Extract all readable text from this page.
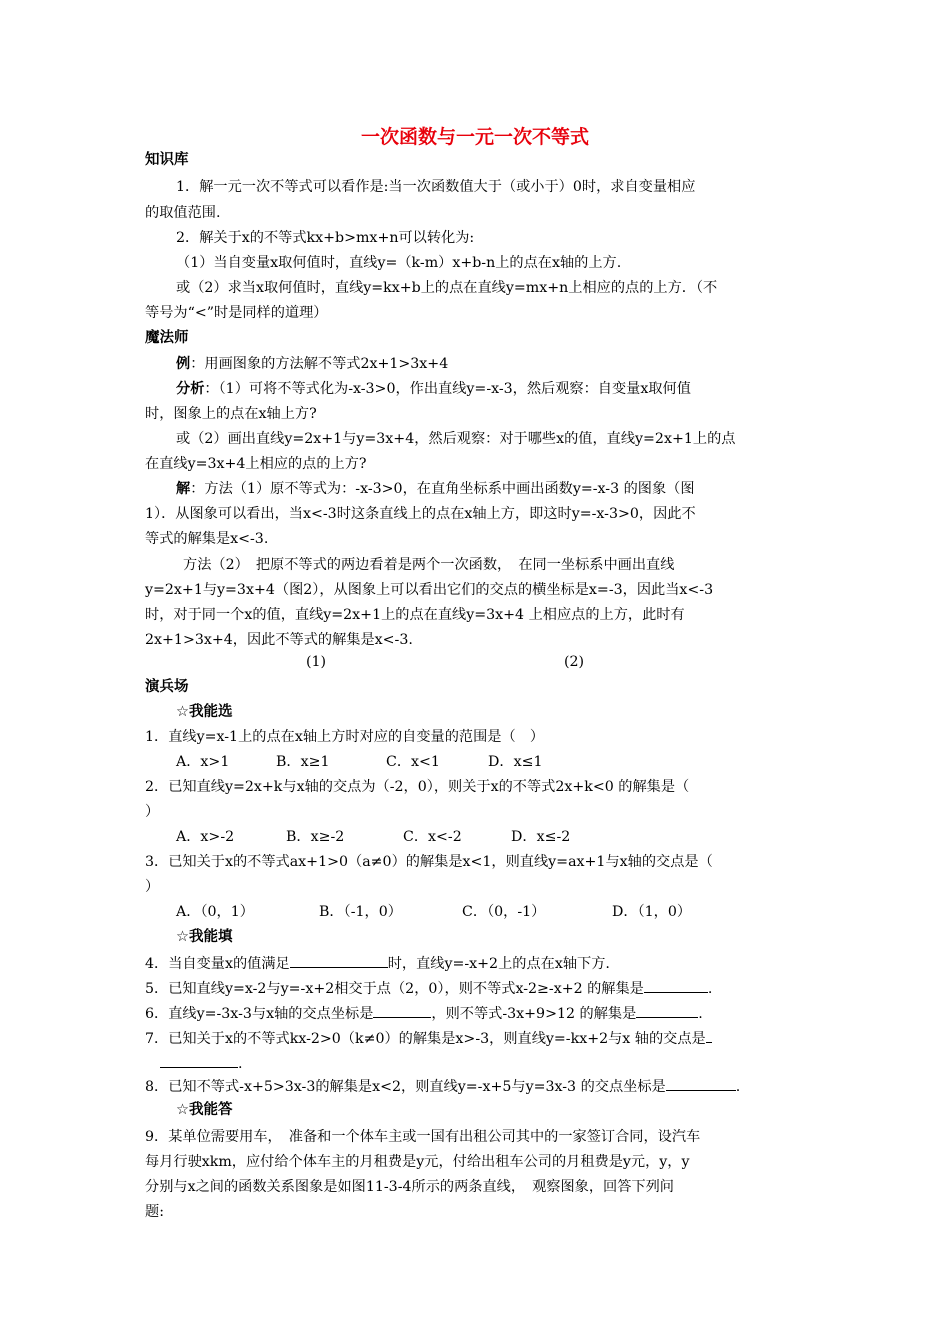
一次函数与一元一次不等式
知识库
1．解一元一次不等式可以看作是:当一次函数值大于（或小于）0时，求自变量相应
的取值范围.
2．解关于x的不等式kx+b>mx+n可以转化为:
（1）当自变量x取何值时，直线y=（k-m）x+b-n上的点在x轴的上方.
或（2）求当x取何值时，直线y=kx+b上的点在直线y=mx+n上相应的点的上方．（不
等号为“<”时是同样的道理）
魔法师
例：用画图象的方法解不等式2x+1>3x+4
分析：（1）可将不等式化为-x-3>0，作出直线y=-x-3，然后观察：自变量x取何值
时，图象上的点在x轴上方?
或（2）画出直线y=2x+1与y=3x+4，然后观察：对于哪些x的值，直线y=2x+1上的点
在直线y=3x+4上相应的点的上方?
解：方法（1）原不等式为：-x-3>0，在直角坐标系中画出函数y=-x-3 的图象（图
1）．从图象可以看出，当x<-3时这条直线上的点在x轴上方，即这时y=-x-3>0，因此不
等式的解集是x<-3.
方法（2）　把原不等式的两边看着是两个一次函数，　在同一坐标系中画出直线
y=2x+1与y=3x+4（图2），从图象上可以看出它们的交点的横坐标是x=-3，因此当x<-3
时，对于同一个x的值，直线y=2x+1上的点在直线y=3x+4 上相应点的上方，此时有
2x+1>3x+4，因此不等式的解集是x<-3.
(1)	(2)
演兵场
☆我能选
1．直线y=x-1上的点在x轴上方时对应的自变量的范围是（　）
A．x>1	B．x≥1	C．x<1	D．x≤1
2．已知直线y=2x+k与x轴的交点为（-2，0），则关于x的不等式2x+k<0 的解集是（
）
A．x>-2	B．x≥-2	C．x<-2	D．x≤-2
3．已知关于x的不等式ax+1>0（a≠0）的解集是x<1，则直线y=ax+1与x轴的交点是（
）
A．（0，1）	B．（-1，0）	C．（0，-1）	D．（1，0）
☆我能填
4．当自变量x的值满足	时，直线y=-x+2上的点在x轴下方.
5．已知直线y=x-2与y=-x+2相交于点（2，0），则不等式x-2≥-x+2 的解集是	.
6．直线y=-3x-3与x轴的交点坐标是	，则不等式-3x+9>12 的解集是	.
7．已知关于x的不等式kx-2>0（k≠0）的解集是x>-3，则直线y=-kx+2与x 轴的交点是
.
8．已知不等式-x+5>3x-3的解集是x<2，则直线y=-x+5与y=3x-3 的交点坐标是	.
☆我能答
9．某单位需要用车，　准备和一个体车主或一国有出租公司其中的一家签订合同，设汽车
每月行驶xkm，应付给个体车主的月租费是y元，付给出租车公司的月租费是y元，y，y
分别与x之间的函数关系图象是如图11-3-4所示的两条直线，　观察图象，回答下列问
题:
